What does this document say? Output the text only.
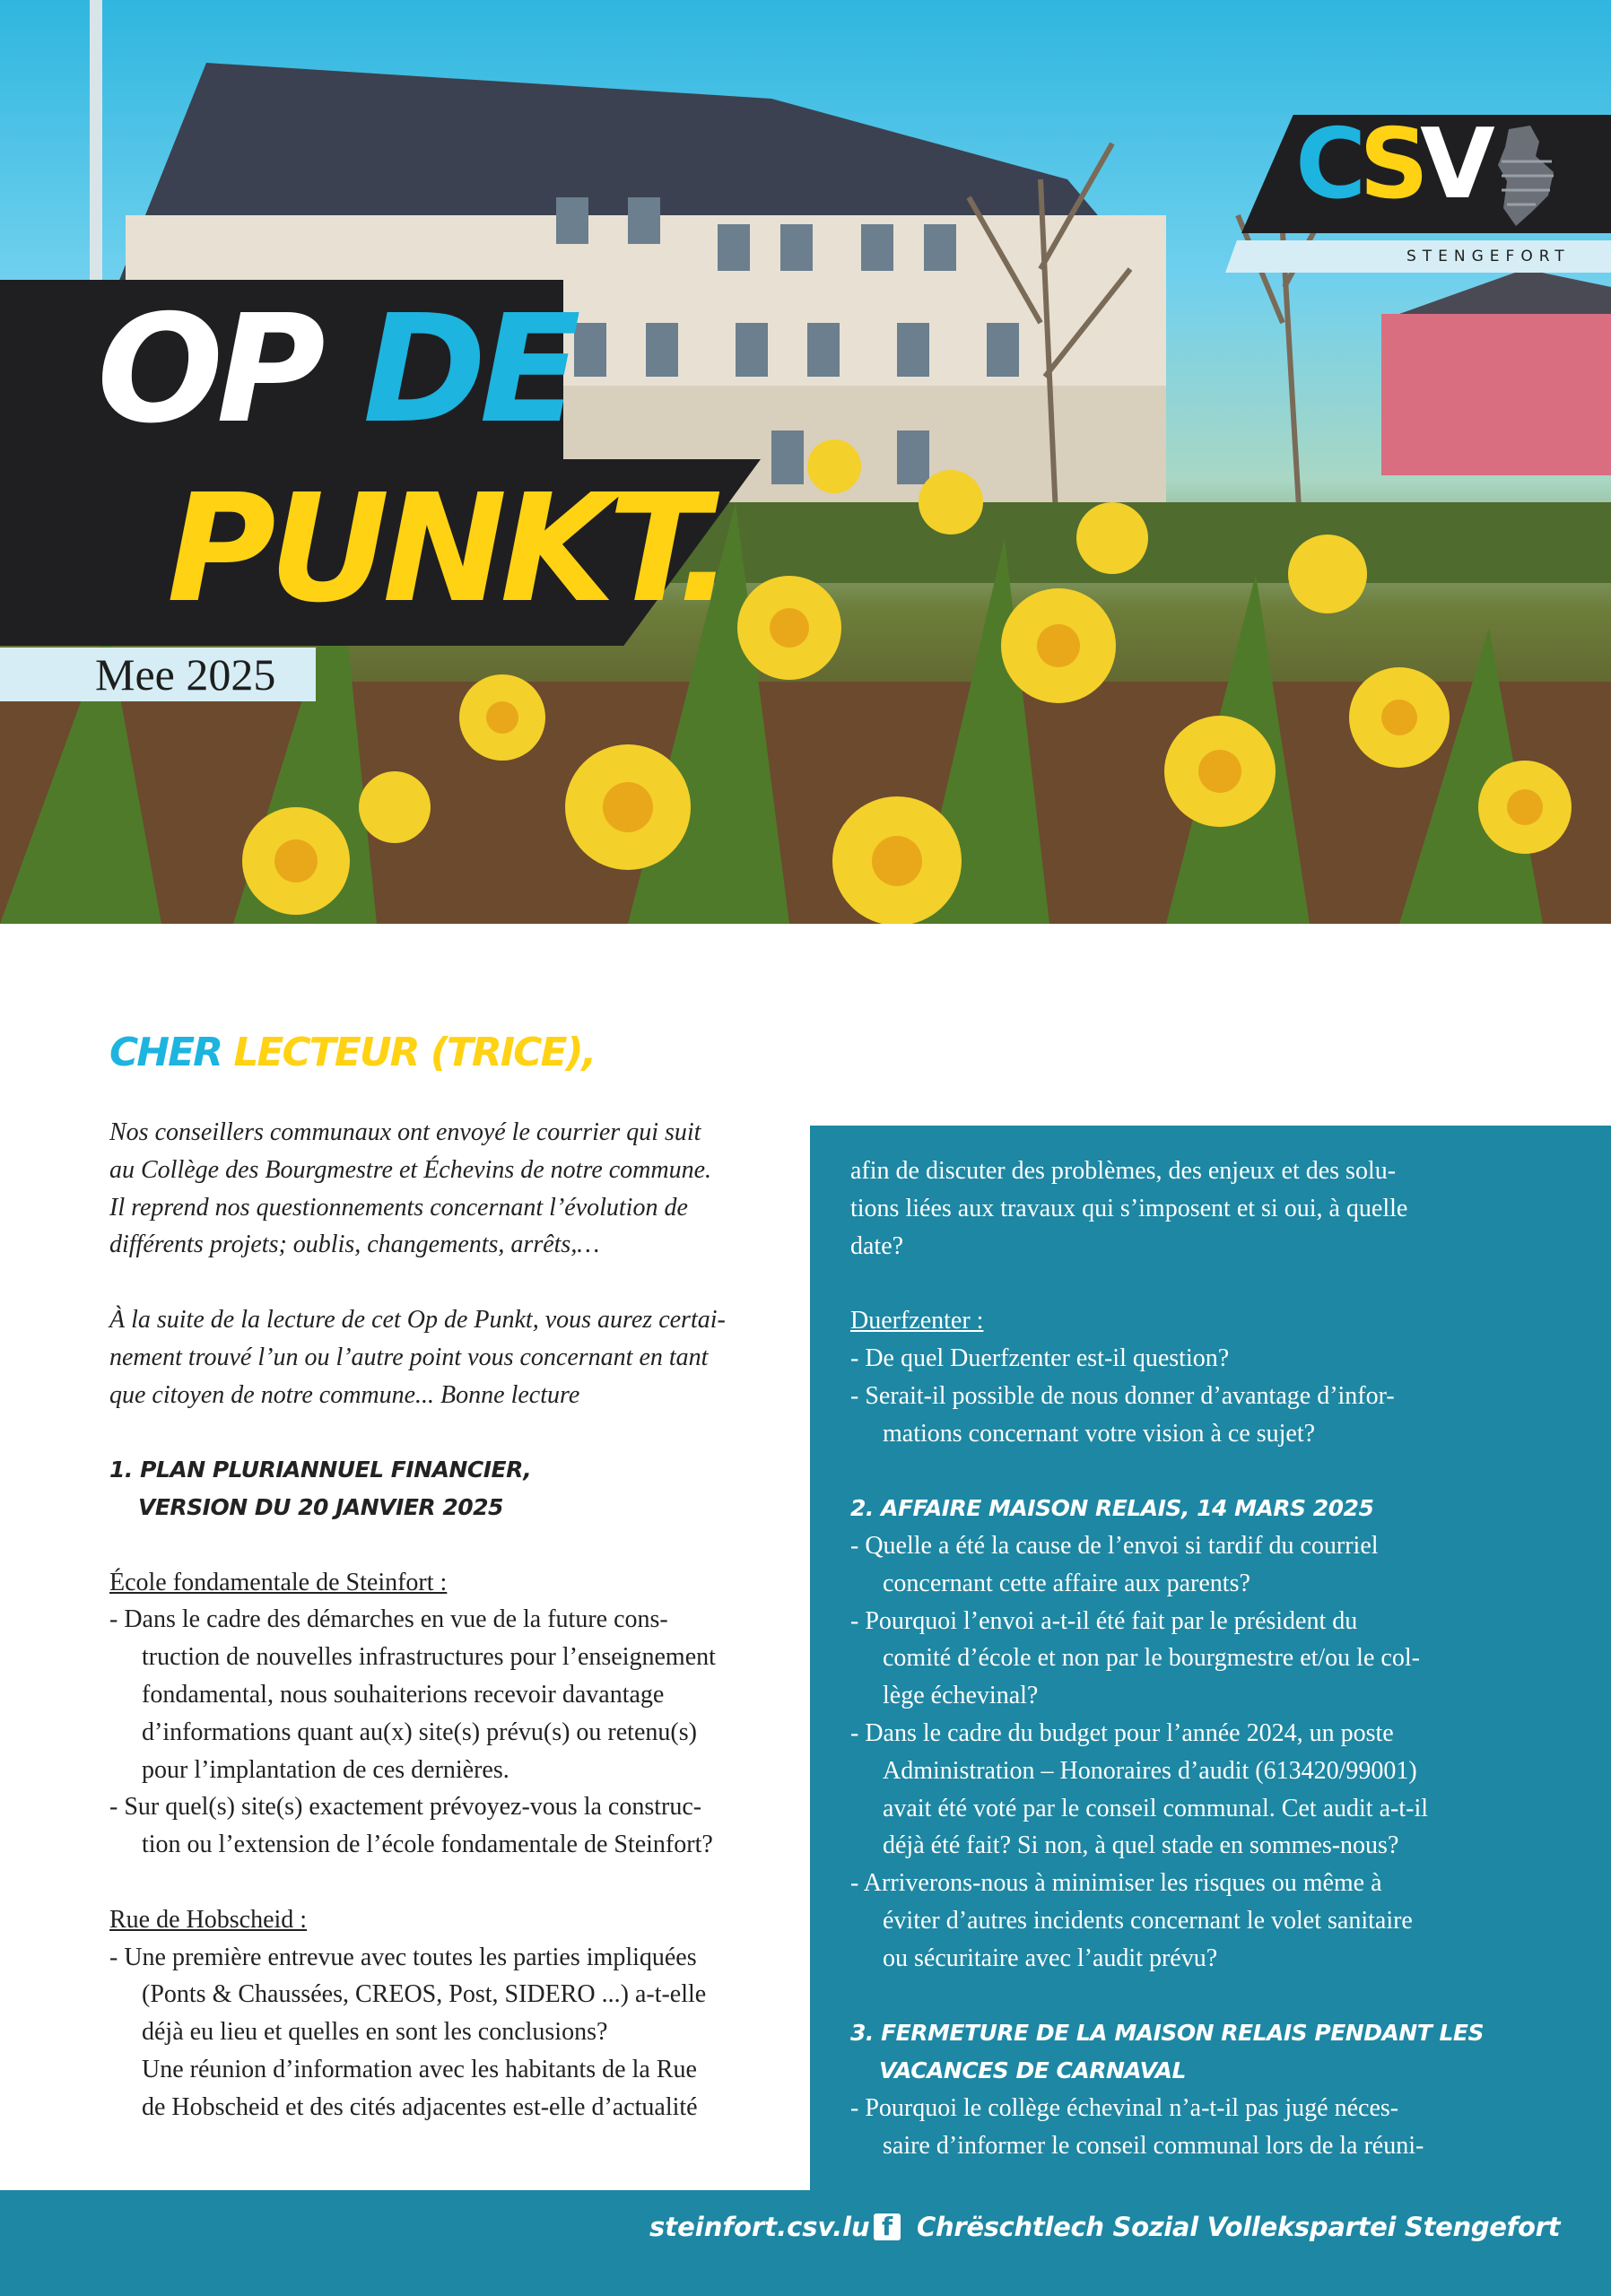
OP DE
PUNKT.
Mee 2025
CSV
STENGEFORT
CHER LECTEUR (TRICE),
Nos conseillers communaux ont envoyé le courrier qui suit
au Collège des Bourgmestre et Échevins de notre commune.
Il reprend nos questionnements concernant l’évolution de
différents projets; oublis, changements, arrêts,…
À la suite de la lecture de cet Op de Punkt, vous aurez certai-
nement trouvé l’un ou l’autre point vous concernant en tant
que citoyen de notre commune... Bonne lecture
1. PLAN PLURIANNUEL FINANCIER,
VERSION DU 20 JANVIER 2025
École fondamentale de Steinfort :
- Dans le cadre des démarches en vue de la future cons-
truction de nouvelles infrastructures pour l’enseignement
fondamental, nous souhaiterions recevoir davantage
d’informations quant au(x) site(s) prévu(s) ou retenu(s)
pour l’implantation de ces dernières.
- Sur quel(s) site(s) exactement prévoyez-vous la construc-
tion ou l’extension de l’école fondamentale de Steinfort?
Rue de Hobscheid :
- Une première entrevue avec toutes les parties impliquées
(Ponts & Chaussées, CREOS, Post, SIDERO ...) a-t-elle
déjà eu lieu et quelles en sont les conclusions?
Une réunion d’information avec les habitants de la Rue
de Hobscheid et des cités adjacentes est-elle d’actualité
afin de discuter des problèmes, des enjeux et des solu-
tions liées aux travaux qui s’imposent et si oui, à quelle
date?
Duerfzenter :
- De quel Duerfzenter est-il question?
- Serait-il possible de nous donner d’avantage d’infor-
mations concernant votre vision à ce sujet?
2. AFFAIRE MAISON RELAIS, 14 MARS 2025
- Quelle a été la cause de l’envoi si tardif du courriel
concernant cette affaire aux parents?
- Pourquoi l’envoi a-t-il été fait par le président du
comité d’école et non par le bourgmestre et/ou le col-
lège échevinal?
- Dans le cadre du budget pour l’année 2024, un poste
Administration – Honoraires d’audit (613420/99001)
avait été voté par le conseil communal. Cet audit a-t-il
déjà été fait? Si non, à quel stade en sommes-nous?
- Arriverons-nous à minimiser les risques ou même à
éviter d’autres incidents concernant le volet sanitaire
ou sécuritaire avec l’audit prévu?
3. FERMETURE DE LA MAISON RELAIS PENDANT LES
VACANCES DE CARNAVAL
- Pourquoi le collège échevinal n’a-t-il pas jugé néces-
saire d’informer le conseil communal lors de la réuni-
steinfort.csv.lu f Chrëschtlech Sozial Vollekspartei Stengefort
